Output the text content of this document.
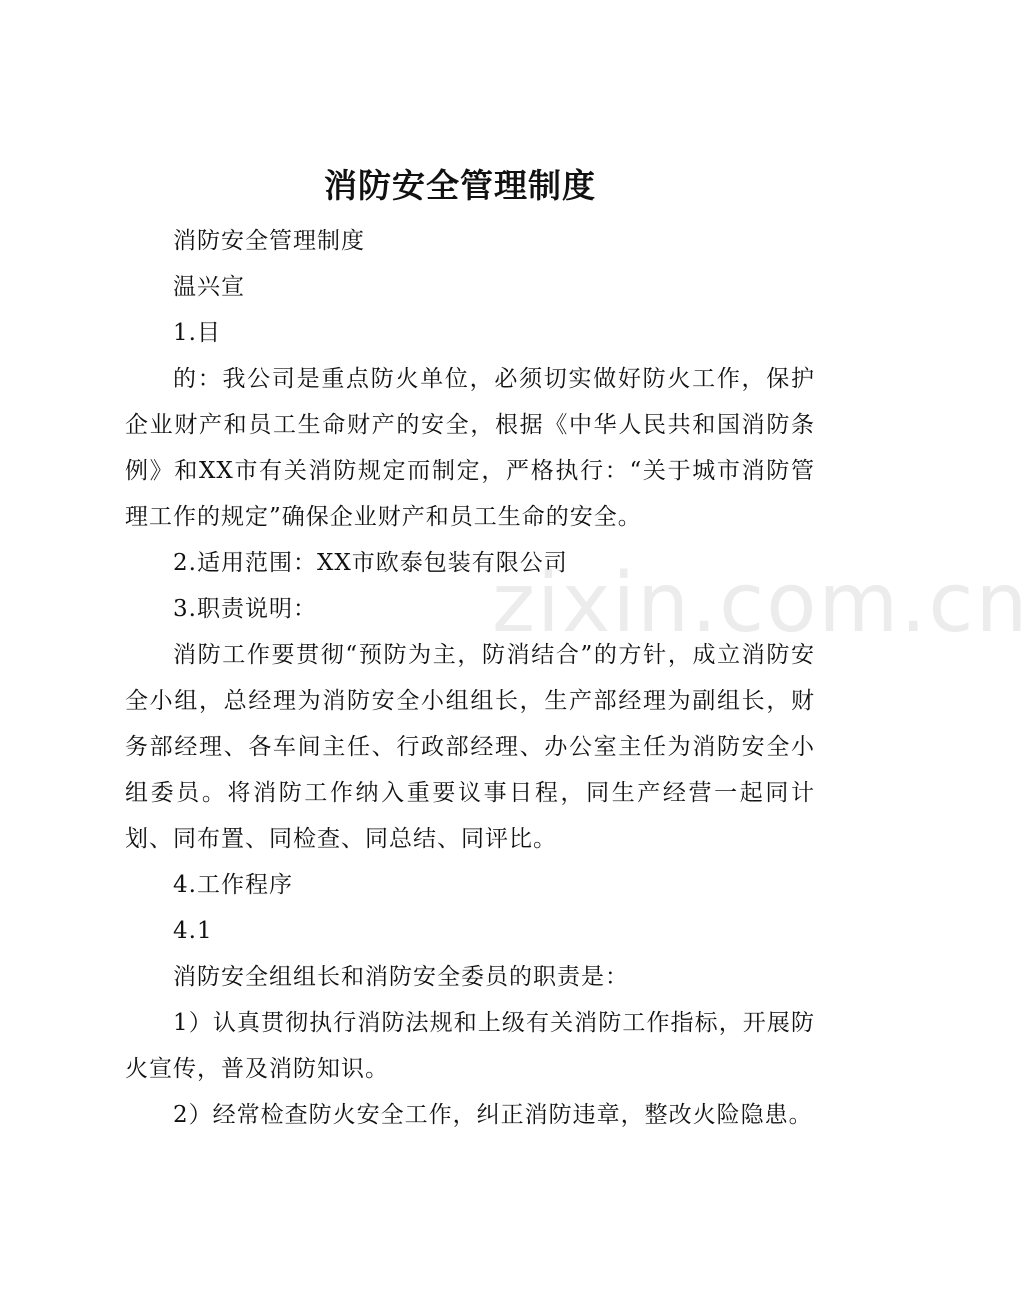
zixin.com.cn
消防安全管理制度

消防安全管理制度

温兴宣

1.目

的：我公司是重点防火单位，必须切实做好防火工作，保护企业财产和员工生命财产的安全，根据《中华人民共和国消防条例》和XX市有关消防规定而制定，严格执行：“关于城市消防管理工作的规定”确保企业财产和员工生命的安全。

2.适用范围：XX市欧泰包装有限公司

3.职责说明：

消防工作要贯彻“预防为主，防消结合”的方针，成立消防安全小组，总经理为消防安全小组组长，生产部经理为副组长，财务部经理、各车间主任、行政部经理、办公室主任为消防安全小组委员。将消防工作纳入重要议事日程，同生产经营一起同计划、同布置、同检查、同总结、同评比。

4.工作程序

4.1

消防安全组组长和消防安全委员的职责是：

1）认真贯彻执行消防法规和上级有关消防工作指标，开展防火宣传，普及消防知识。

2）经常检查防火安全工作，纠正消防违章，整改火险隐患。
